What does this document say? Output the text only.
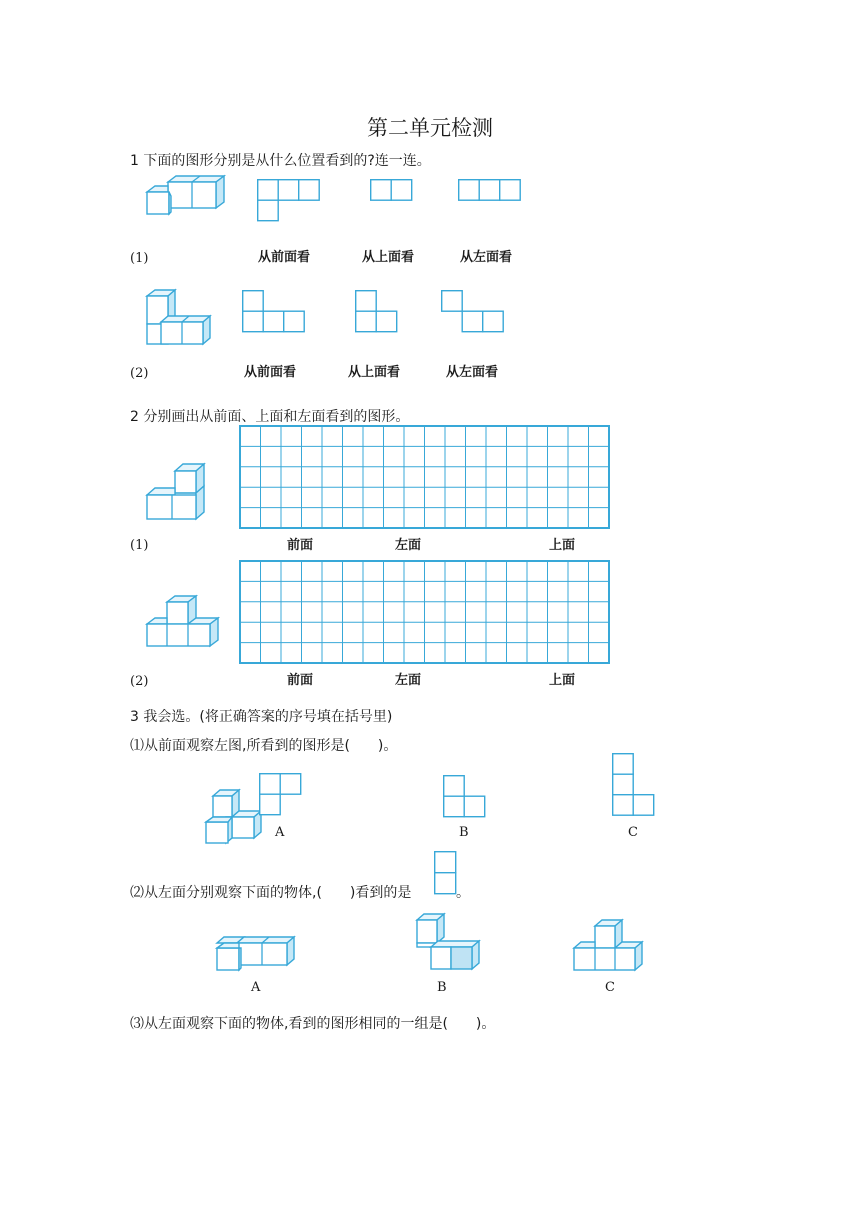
第二单元检测
1 下面的图形分别是从什么位置看到的?连一连。
从前面看	从上面看	从左面看
(1)
从前面看	从上面看	从左面看
(2)
2 分别画出从前面、上面和左面看到的图形。
前面	左面	上面
(1)
前面	左面	上面
(2)
3 我会选。(将正确答案的序号填在括号里)
⑴从前面观察左图,所看到的图形是(　　)。
A	B	C
⑵从左面分别观察下面的物体,(　　)看到的是	。
A	B	C
⑶从左面观察下面的物体,看到的图形相同的一组是(　　)。
